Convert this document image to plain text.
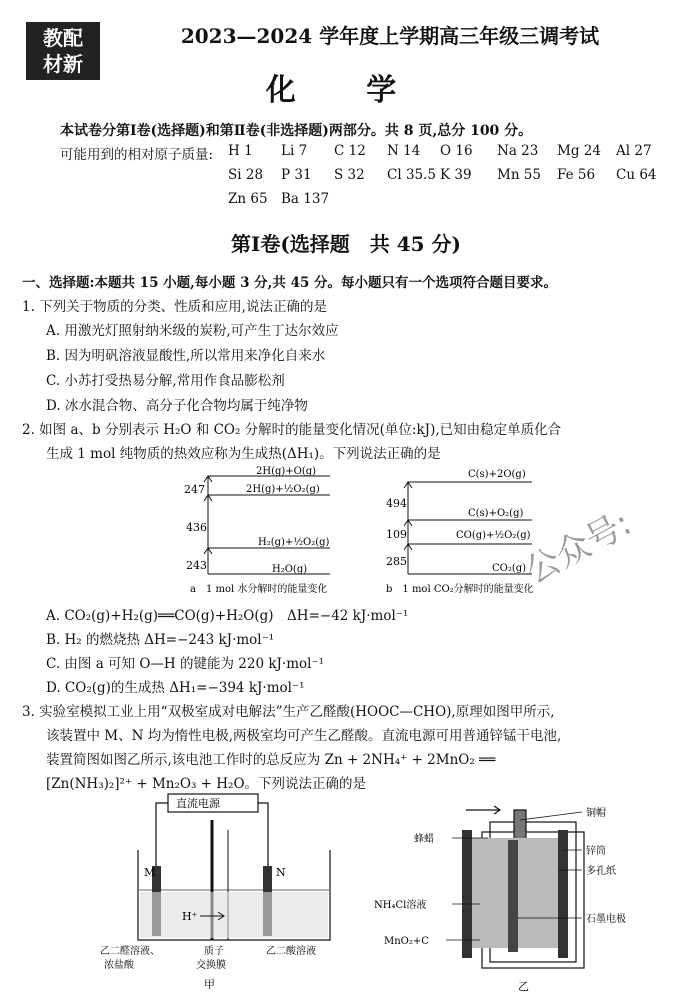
教配
材新
2023—2024 学年度上学期高三年级三调考试
化 学
本试卷分第Ⅰ卷(选择题)和第Ⅱ卷(非选择题)两部分。共 8 页,总分 100 分。
可能用到的相对原子质量: H 1 Li 7 C 12 N 14 O 16 Na 23 Mg 24 Al 27
Si 28 P 31 S 32 Cl 35.5 K 39 Mn 55 Fe 56 Cu 64
Zn 65 Ba 137
第Ⅰ卷(选择题　共 45 分)
一、选择题:本题共 15 小题,每小题 3 分,共 45 分。每小题只有一个选项符合题目要求。
1. 下列关于物质的分类、性质和应用,说法正确的是
A. 用激光灯照射纳米级的炭粉,可产生丁达尔效应
B. 因为明矾溶液显酸性,所以常用来净化自来水
C. 小苏打受热易分解,常用作食品膨松剂
D. 冰水混合物、高分子化合物均属于纯净物
2. 如图 a、b 分别表示 H₂O 和 CO₂ 分解时的能量变化情况(单位:kJ),已知由稳定单质化合
生成 1 mol 纯物质的热效应称为生成热(ΔH₁)。下列说法正确的是
2H(g)+O(g)
2H(g)+½O₂(g)
H₂(g)+½O₂(g)
H₂O(g)
247
436
243
a　1 mol 水分解时的能量变化
C(s)+2O(g)
C(s)+O₂(g)
CO(g)+½O₂(g)
CO₂(g)
494
109
285
b　1 mol CO₂分解时的能量变化
A. CO₂(g)+H₂(g)══CO(g)+H₂O(g)　ΔH=−42 kJ·mol⁻¹
B. H₂ 的燃烧热 ΔH=−243 kJ·mol⁻¹
C. 由图 a 可知 O—H 的键能为 220 kJ·mol⁻¹
D. CO₂(g)的生成热 ΔH₁=−394 kJ·mol⁻¹
3. 实验室模拟工业上用“双极室成对电解法”生产乙醛酸(HOOC—CHO),原理如图甲所示,
该装置中 M、N 均为惰性电极,两极室均可产生乙醛酸。直流电源可用普通锌锰干电池,
装置简图如图乙所示,该电池工作时的总反应为 Zn + 2NH₄⁺ + 2MnO₂ ══
[Zn(NH₃)₂]²⁺ + Mn₂O₃ + H₂O。下列说法正确的是
直流电源
M	N
H⁺
乙二醛溶液、
浓盐酸
质子
交换膜
乙二酸溶液
甲
铜帽
蜂蜡
锌筒
多孔纸
NH₄Cl溶液
石墨电极
MnO₂+C
乙
公众号:
